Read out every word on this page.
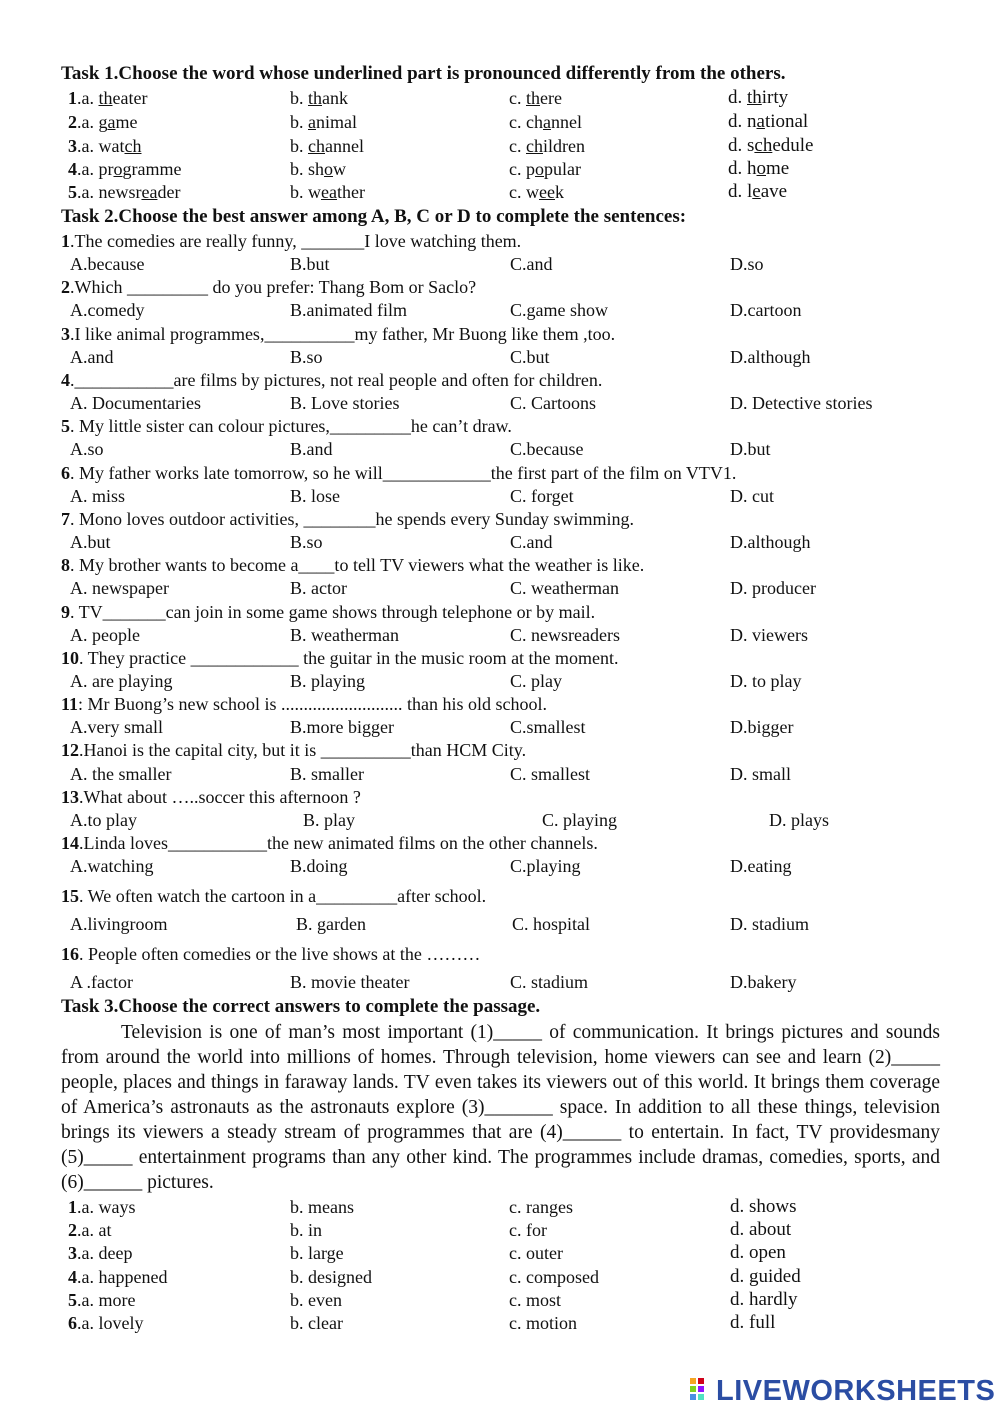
Task 1.Choose the word whose underlined part is pronounced differently from the others.
1.a. theater	b. thank	c. there	d. thirty
2.a. game	b. animal	c. channel	d. national
3.a. watch	b. channel	c. children	d. schedule
4.a. programme	b. show	c. popular	d. home
5.a. newsreader	b. weather	c. week	d. leave
Task 2.Choose the best answer among A, B, C or D to complete the sentences:
1.The comedies are really funny, _______I love watching them.
A.because	B.but	C.and	D.so
2.Which _________ do you prefer: Thang Bom or Saclo?
A.comedy	B.animated film	C.game show	D.cartoon
3.I like animal programmes,__________my father, Mr Buong like them ,too.
A.and	B.so	C.but	D.although
4.___________are films by pictures, not real people and often for children.
A. Documentaries	B. Love stories	C. Cartoons	D. Detective stories
5. My little sister can colour pictures,_________he can’t draw.
A.so	B.and	C.because	D.but
6. My father works late tomorrow, so he will____________the first part of the film on VTV1.
A. miss	B. lose	C. forget	D. cut
7. Mono loves outdoor activities, ________he spends every Sunday swimming.
A.but	B.so	C.and	D.although
8. My brother wants to become a____to tell TV viewers what the weather is like.
A. newspaper	B. actor	C. weatherman	D. producer
9. TV_______can join in some game shows through telephone or by mail.
A. people	B. weatherman	C. newsreaders	D. viewers
10. They practice ____________ the guitar in the music room at the moment.
A. are playing	B. playing	C. play	D. to play
11: Mr Buong’s new school is ........................... than his old school.
A.very small	B.more bigger	C.smallest	D.bigger
12.Hanoi is the capital city, but it is __________than HCM City.
A. the smaller	B. smaller	C. smallest	D. small
13.What about …..soccer this afternoon ?
A.to play	B. play	C. playing	D. plays
14.Linda loves___________the new animated films on the other channels.
A.watching	B.doing	C.playing	D.eating
15. We often watch the cartoon in a_________after school.
A.livingroom	B. garden	C. hospital	D. stadium
16. People often comedies or the live shows at the ………
A .factor	B. movie theater	C. stadium	D.bakery
Task 3.Choose the correct answers to complete the passage.

Television is one of man’s most important (1)_____ of communication. It brings pictures and sounds from around the world into millions of homes. Through television, home viewers can see and learn (2)_____ people, places and things in faraway lands. TV even takes its viewers out of this world. It brings them coverage of America’s astronauts as the astronauts explore (3)_______ space. In addition to all these things, television brings its viewers a steady stream of programmes that are (4)______ to entertain. In fact, TV providesmany (5)_____ entertainment programs than any other kind. The programmes include dramas, comedies, sports, and (6)______ pictures.

1.a. ways	b. means	c. ranges	d. shows
2.a. at	b. in	c. for	d. about
3.a. deep	b. large	c. outer	d. open
4.a. happened	b. designed	c. composed	d. guided
5.a. more	b. even	c. most	d. hardly
6.a. lovely	b. clear	c. motion	d. full
LIVEWORKSHEETS
